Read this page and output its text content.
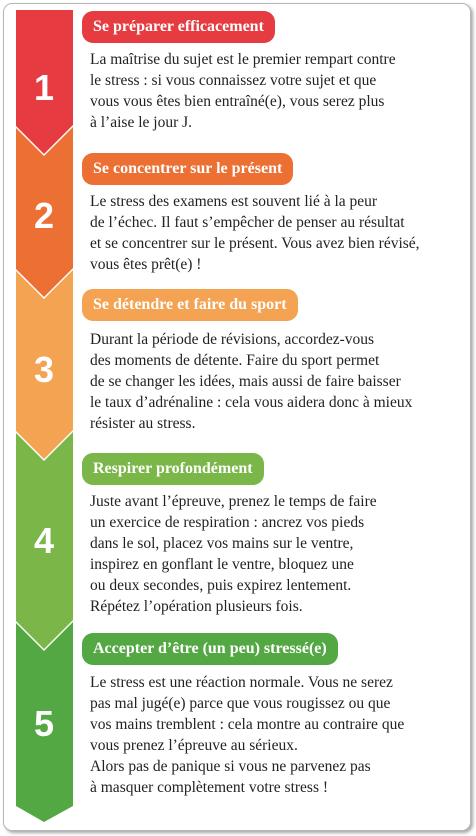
1
2
3
4
5
Se préparer efficacement
Se concentrer sur le présent
Se détendre et faire du sport
Respirer profondément
Accepter d’être (un peu) stressé(e)

La maîtrise du sujet est le premier rempart contre
le stress : si vous connaissez votre sujet et que
vous vous êtes bien entraîné(e), vous serez plus
à l’aise le jour J.

Le stress des examens est souvent lié à la peur
de l’échec. Il faut s’empêcher de penser au résultat
et se concentrer sur le présent. Vous avez bien révisé,
vous êtes prêt(e) !

Durant la période de révisions, accordez-vous
des moments de détente. Faire du sport permet
de se changer les idées, mais aussi de faire baisser
le taux d’adrénaline : cela vous aidera donc à mieux
résister au stress.

Juste avant l’épreuve, prenez le temps de faire
un exercice de respiration : ancrez vos pieds
dans le sol, placez vos mains sur le ventre,
inspirez en gonflant le ventre, bloquez une
ou deux secondes, puis expirez lentement.
Répétez l’opération plusieurs fois.

Le stress est une réaction normale. Vous ne serez
pas mal jugé(e) parce que vous rougissez ou que
vos mains tremblent : cela montre au contraire que
vous prenez l’épreuve au sérieux.
Alors pas de panique si vous ne parvenez pas
à masquer complètement votre stress !
